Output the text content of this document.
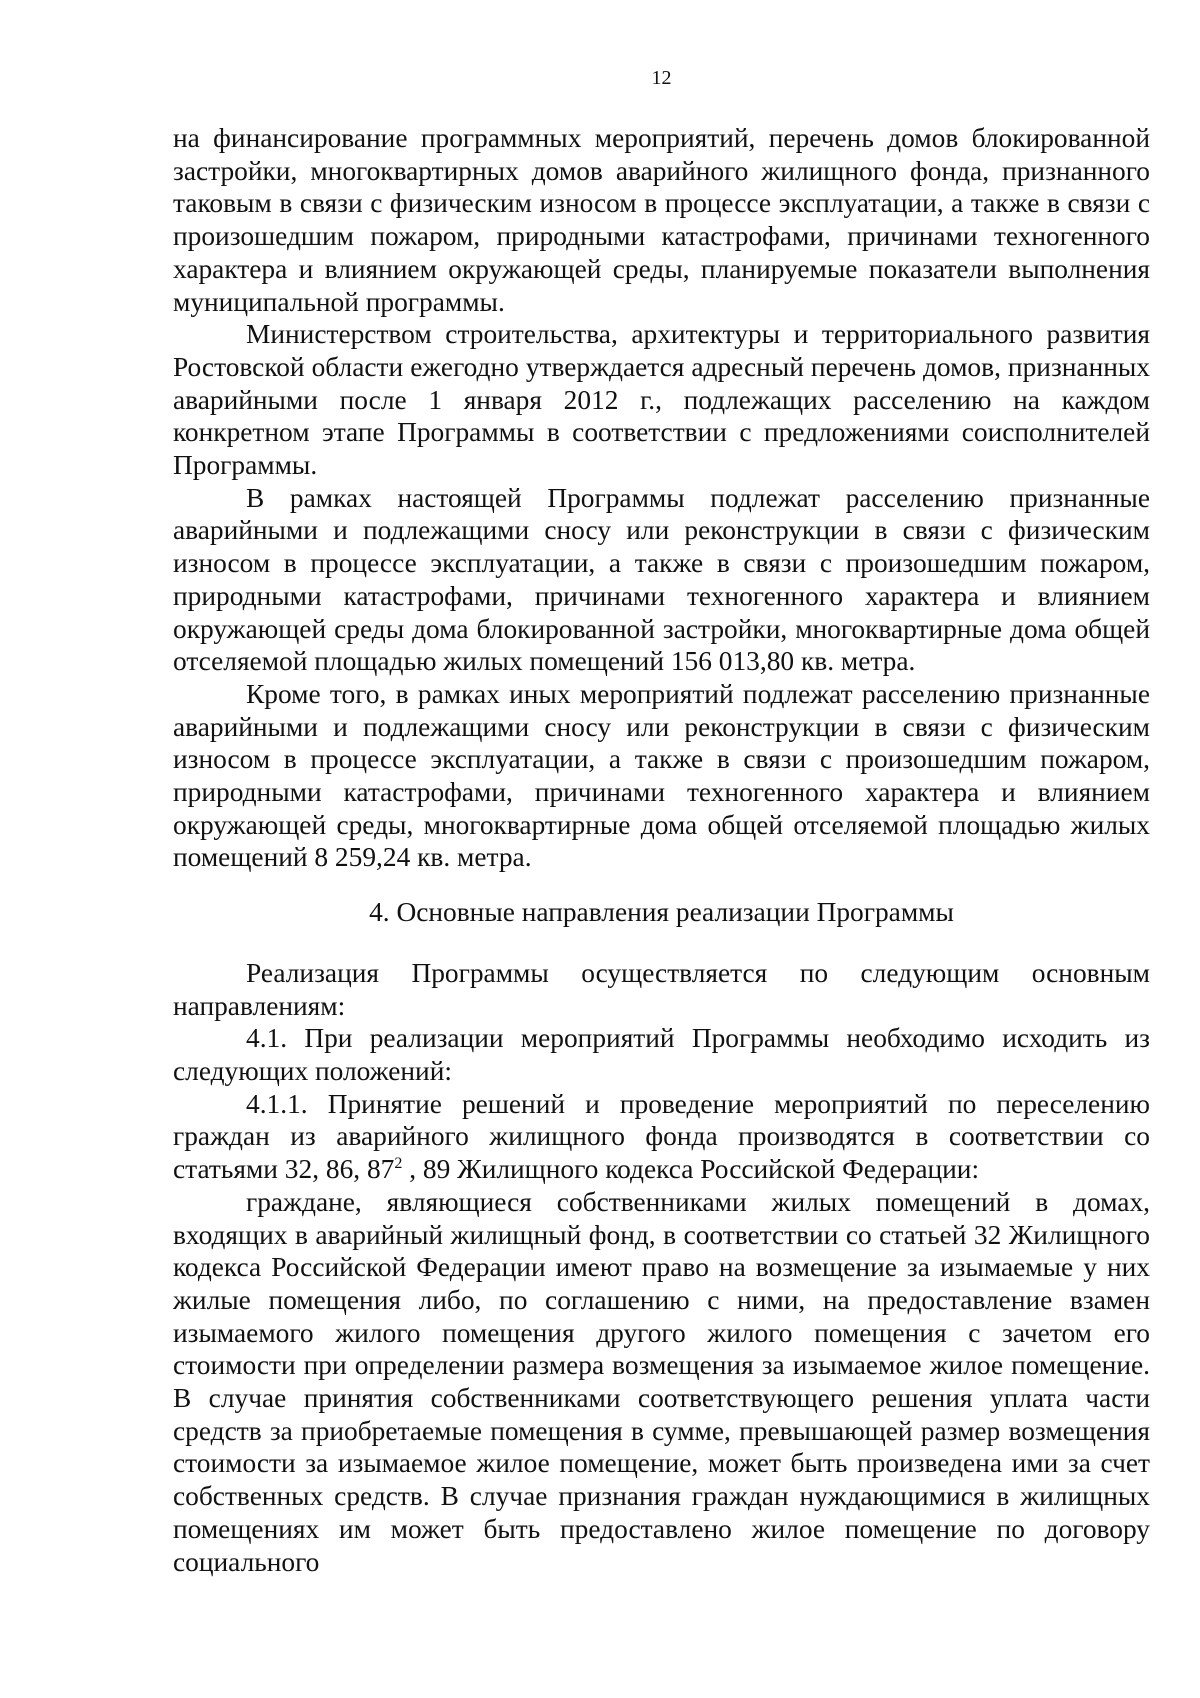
12

на финансирование программных мероприятий, перечень домов блокированной застройки, многоквартирных домов аварийного жилищного фонда, признанного таковым в связи с физическим износом в процессе эксплуатации, а также в связи с произошедшим пожаром, природными катастрофами, причинами техногенного характера и влиянием окружающей среды, планируемые показатели выполнения муниципальной программы.

Министерством строительства, архитектуры и территориального развития Ростовской области ежегодно утверждается адресный перечень домов, признанных аварийными после 1 января 2012 г., подлежащих расселению на каждом конкретном этапе Программы в соответствии с предложениями соисполнителей Программы.

В рамках настоящей Программы подлежат расселению признанные аварийными и подлежащими сносу или реконструкции в связи с физическим износом в процессе эксплуатации, а также в связи с произошедшим пожаром, природными катастрофами, причинами техногенного характера и влиянием окружающей среды дома блокированной застройки, многоквартирные дома общей отселяемой площадью жилых помещений 156 013,80 кв. метра.

Кроме того, в рамках иных мероприятий подлежат расселению признанные аварийными и подлежащими сносу или реконструкции в связи с физическим износом в процессе эксплуатации, а также в связи с произошедшим пожаром, природными катастрофами, причинами техногенного характера и влиянием окружающей среды, многоквартирные дома общей отселяемой площадью жилых помещений 8 259,24 кв. метра.

4. Основные направления реализации Программы

Реализация Программы осуществляется по следующим основным направлениям:

4.1. При реализации мероприятий Программы необходимо исходить из следующих положений:

4.1.1. Принятие решений и проведение мероприятий по переселению граждан из аварийного жилищного фонда производятся в соответствии со статьями 32, 86, $87^2$ , 89 Жилищного кодекса Российской Федерации:

граждане, являющиеся собственниками жилых помещений в домах, входящих в аварийный жилищный фонд, в соответствии со статьей 32 Жилищного кодекса Российской Федерации имеют право на возмещение за изымаемые у них жилые помещения либо, по соглашению с ними, на предоставление взамен изымаемого жилого помещения другого жилого помещения с зачетом его стоимости при определении размера возмещения за изымаемое жилое помещение. В случае принятия собственниками соответствующего решения уплата части средств за приобретаемые помещения в сумме, превышающей размер возмещения стоимости за изымаемое жилое помещение, может быть произведена ими за счет собственных средств. В случае признания граждан нуждающимися в жилищных помещениях им может быть предоставлено жилое помещение по договору социального
